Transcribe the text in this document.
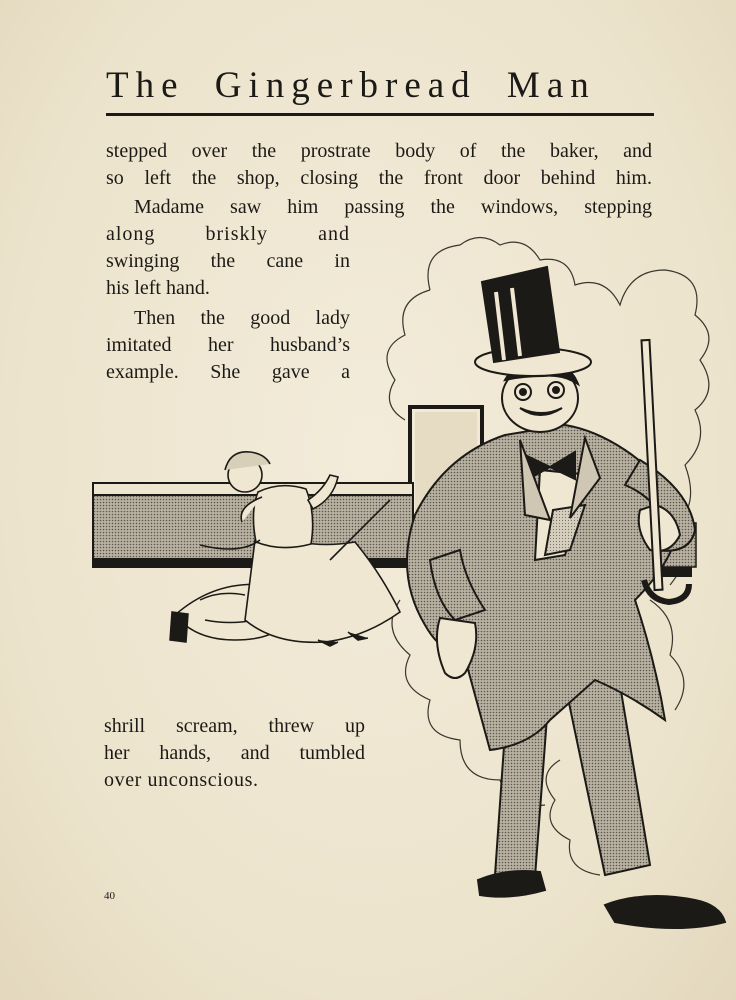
The Gingerbread Man
stepped over the prostrate body of the baker, and
so left the shop, closing the front door behind him.
Madame saw him passing the windows, stepping
along briskly and
swinging the cane in
his left hand.
Then the good lady
imitated her husband’s
example. She gave a
shrill scream, threw up
her hands, and tumbled
over unconscious.
40
